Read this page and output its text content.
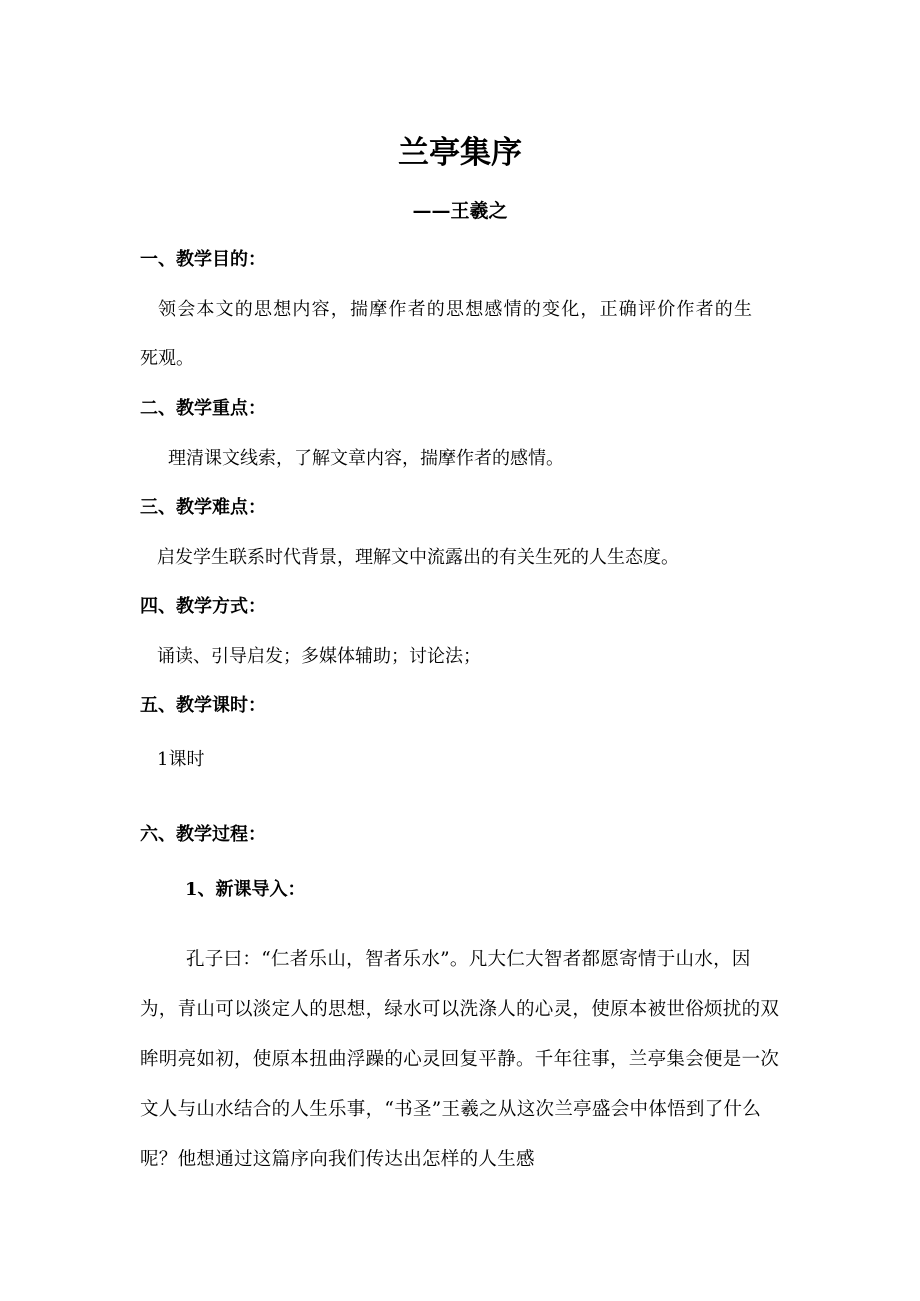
兰亭集序
——王羲之
一、教学目的：
领会本文的思想内容，揣摩作者的思想感情的变化，正确评价作者的生
死观。
二、教学重点：
理清课文线索，了解文章内容，揣摩作者的感情。
三、教学难点：
启发学生联系时代背景，理解文中流露出的有关生死的人生态度。
四、教学方式：
诵读、引导启发；多媒体辅助；讨论法；
五、教学课时：
1课时
六、教学过程：
1、新课导入：

孔子曰：“仁者乐山，智者乐水”。凡大仁大智者都愿寄情于山水，因为，青山可以淡定人的思想，绿水可以洗涤人的心灵，使原本被世俗烦扰的双眸明亮如初，使原本扭曲浮躁的心灵回复平静。千年往事，兰亭集会便是一次文人与山水结合的人生乐事，“书圣”王羲之从这次兰亭盛会中体悟到了什么呢？他想通过这篇序向我们传达出怎样的人生感
